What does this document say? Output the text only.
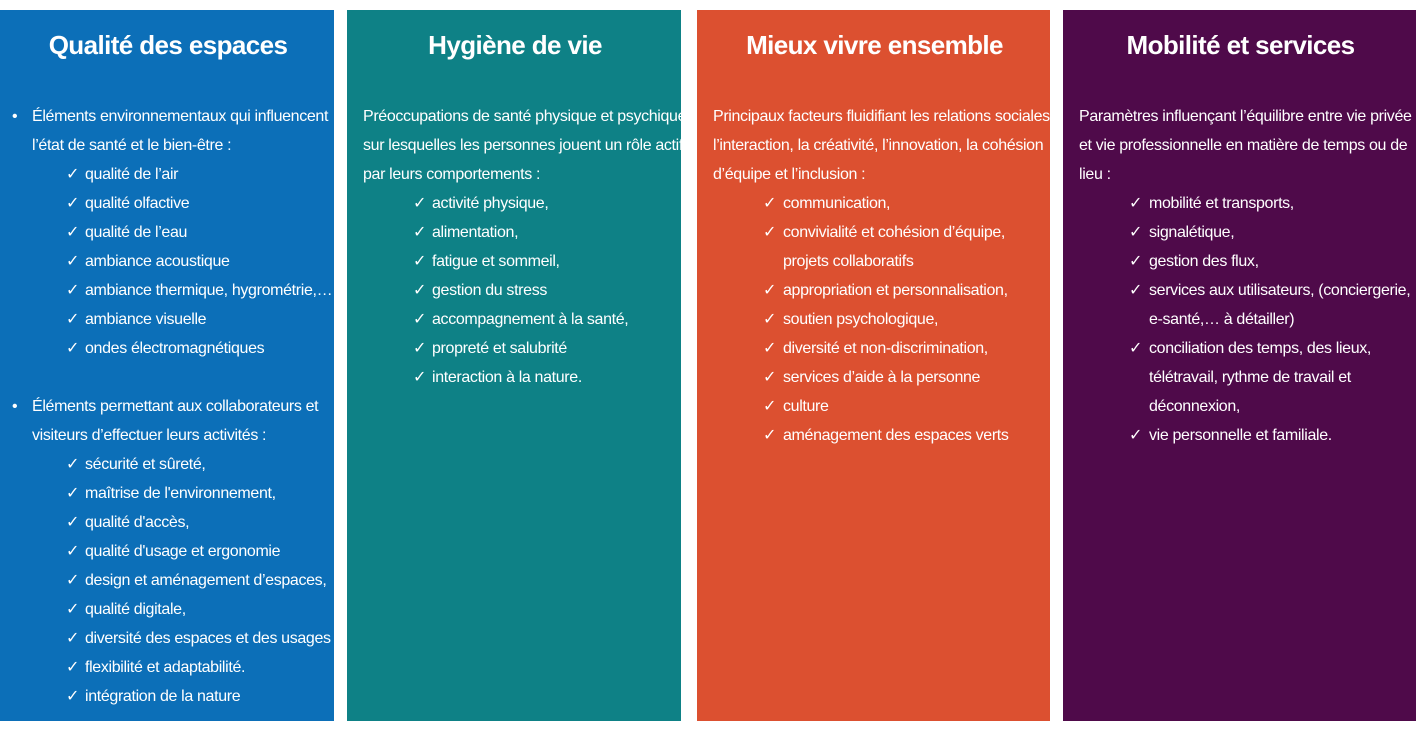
Qualité des espaces
• Éléments environnementaux qui influencent
l’état de santé et le bien-être :
✓ qualité de l’air
✓ qualité olfactive
✓ qualité de l’eau
✓ ambiance acoustique
✓ ambiance thermique, hygrométrie,…
✓ ambiance visuelle
✓ ondes électromagnétiques
• Éléments permettant aux collaborateurs et
visiteurs d’effectuer leurs activités :
✓ sécurité et sûreté,
✓ maîtrise de l'environnement,
✓ qualité d'accès,
✓ qualité d'usage et ergonomie
✓ design et aménagement d’espaces,
✓ qualité digitale,
✓ diversité des espaces et des usages
✓ flexibilité et adaptabilité.
✓ intégration de la nature
Hygiène de vie
Préoccupations de santé physique et psychique
sur lesquelles les personnes jouent un rôle actif
par leurs comportements :
✓ activité physique,
✓ alimentation,
✓ fatigue et sommeil,
✓ gestion du stress
✓ accompagnement à la santé,
✓ propreté et salubrité
✓ interaction à la nature.
Mieux vivre ensemble
Principaux facteurs fluidifiant les relations sociales,
l’interaction, la créativité, l’innovation, la cohésion
d’équipe et l’inclusion :
✓ communication,
✓ convivialité et cohésion d’équipe,
projets collaboratifs
✓ appropriation et personnalisation,
✓ soutien psychologique,
✓ diversité et non-discrimination,
✓ services d’aide à la personne
✓ culture
✓ aménagement des espaces verts
Mobilité et services
Paramètres influençant l’équilibre entre vie privée
et vie professionnelle en matière de temps ou de
lieu :
✓ mobilité et transports,
✓ signalétique,
✓ gestion des flux,
✓ services aux utilisateurs, (conciergerie,
e-santé,… à détailler)
✓ conciliation des temps, des lieux,
télétravail, rythme de travail et
déconnexion,
✓ vie personnelle et familiale.
